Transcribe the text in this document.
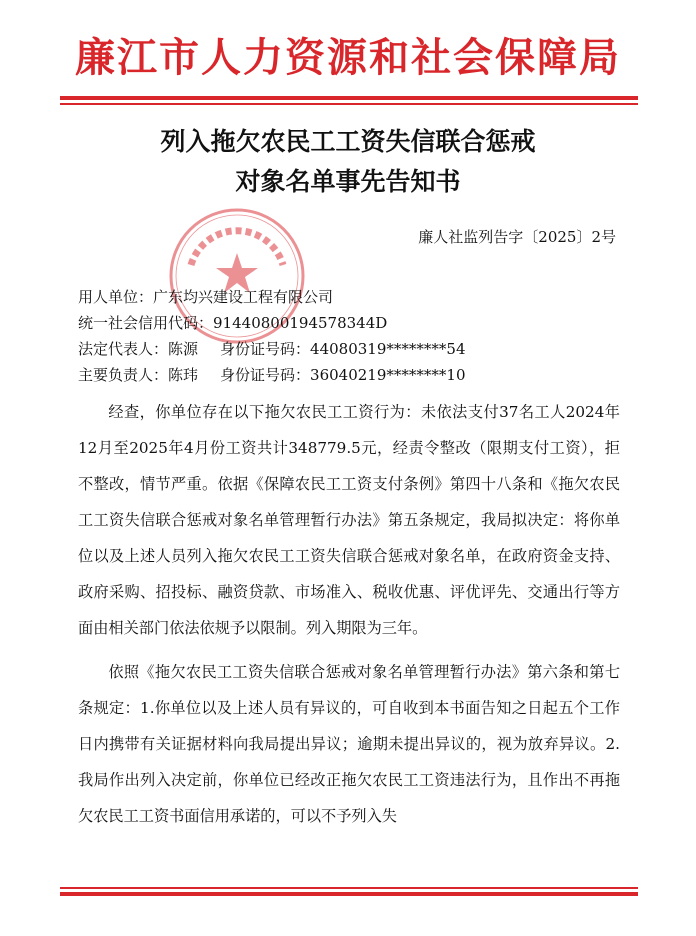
廉江市人力资源和社会保障局
列入拖欠农民工工资失信联合惩戒
对象名单事先告知书
廉人社监列告字〔2025〕2号
用人单位：广东均兴建设工程有限公司
统一社会信用代码：91440800194578344D
法定代表人：陈源 身份证号码：44080319********54
主要负责人：陈玮 身份证号码：36040219********10

经查，你单位存在以下拖欠农民工工资行为：未依法支付37名工人2024年12月至2025年4月份工资共计348779.5元，经责令整改（限期支付工资），拒不整改，情节严重。依据《保障农民工工资支付条例》第四十八条和《拖欠农民工工资失信联合惩戒对象名单管理暂行办法》第五条规定，我局拟决定：将你单位以及上述人员列入拖欠农民工工资失信联合惩戒对象名单，在政府资金支持、政府采购、招投标、融资贷款、市场准入、税收优惠、评优评先、交通出行等方面由相关部门依法依规予以限制。列入期限为三年。

依照《拖欠农民工工资失信联合惩戒对象名单管理暂行办法》第六条和第七条规定：1.你单位以及上述人员有异议的，可自收到本书面告知之日起五个工作日内携带有关证据材料向我局提出异议；逾期未提出异议的，视为放弃异议。2.我局作出列入决定前，你单位已经改正拖欠农民工工资违法行为，且作出不再拖欠农民工工资书面信用承诺的，可以不予列入失
